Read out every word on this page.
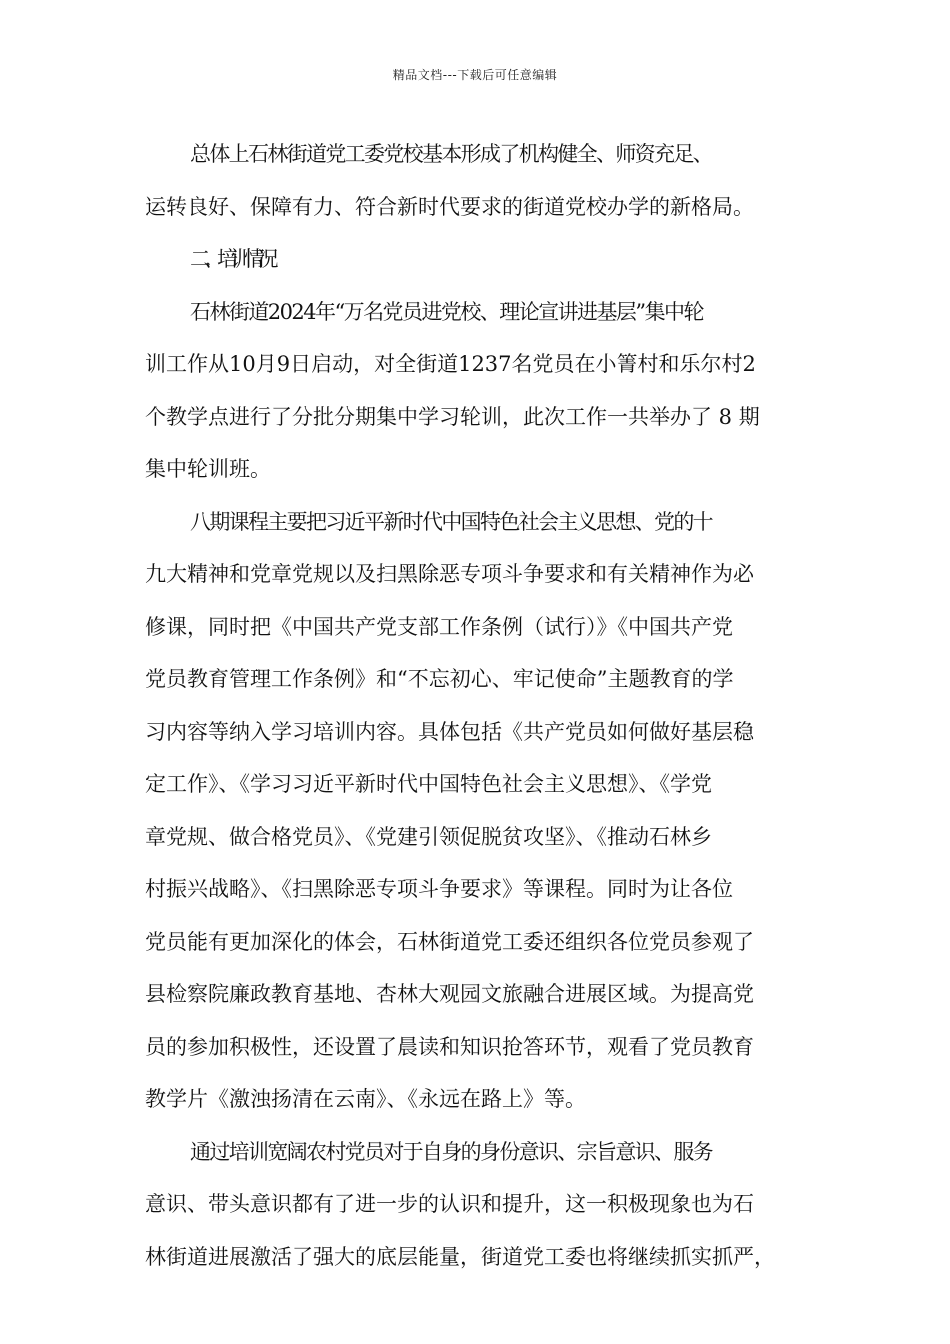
精品文档---下载后可任意编辑
总体上石林街道党工委党校基本形成了机构健全、师资充足、
运转良好、保障有力、符合新时代要求的街道党校办学的新格局。
二、培训情况
石林街道2024年“万名党员进党校、理论宣讲进基层”集中轮
训工作从10月9日启动，对全街道1237名党员在小箐村和乐尔村2
个教学点进行了分批分期集中学习轮训，此次工作一共举办了 8 期
集中轮训班。
八期课程主要把习近平新时代中国特色社会主义思想、党的十
九大精神和党章党规以及扫黑除恶专项斗争要求和有关精神作为必
修课，同时把《中国共产党支部工作条例（试行）》《中国共产党
党员教育管理工作条例》和“不忘初心、牢记使命”主题教育的学
习内容等纳入学习培训内容。具体包括《共产党员如何做好基层稳
定工作》、《学习习近平新时代中国特色社会主义思想》、《学党
章党规、做合格党员》、《党建引领促脱贫攻坚》、《推动石林乡
村振兴战略》、《扫黑除恶专项斗争要求》等课程。同时为让各位
党员能有更加深化的体会，石林街道党工委还组织各位党员参观了
县检察院廉政教育基地、杏林大观园文旅融合进展区域。为提高党
员的参加积极性，还设置了晨读和知识抢答环节，观看了党员教育
教学片《激浊扬清在云南》、《永远在路上》等。
通过培训宽阔农村党员对于自身的身份意识、宗旨意识、服务
意识、带头意识都有了进一步的认识和提升，这一积极现象也为石
林街道进展激活了强大的底层能量，街道党工委也将继续抓实抓严，
